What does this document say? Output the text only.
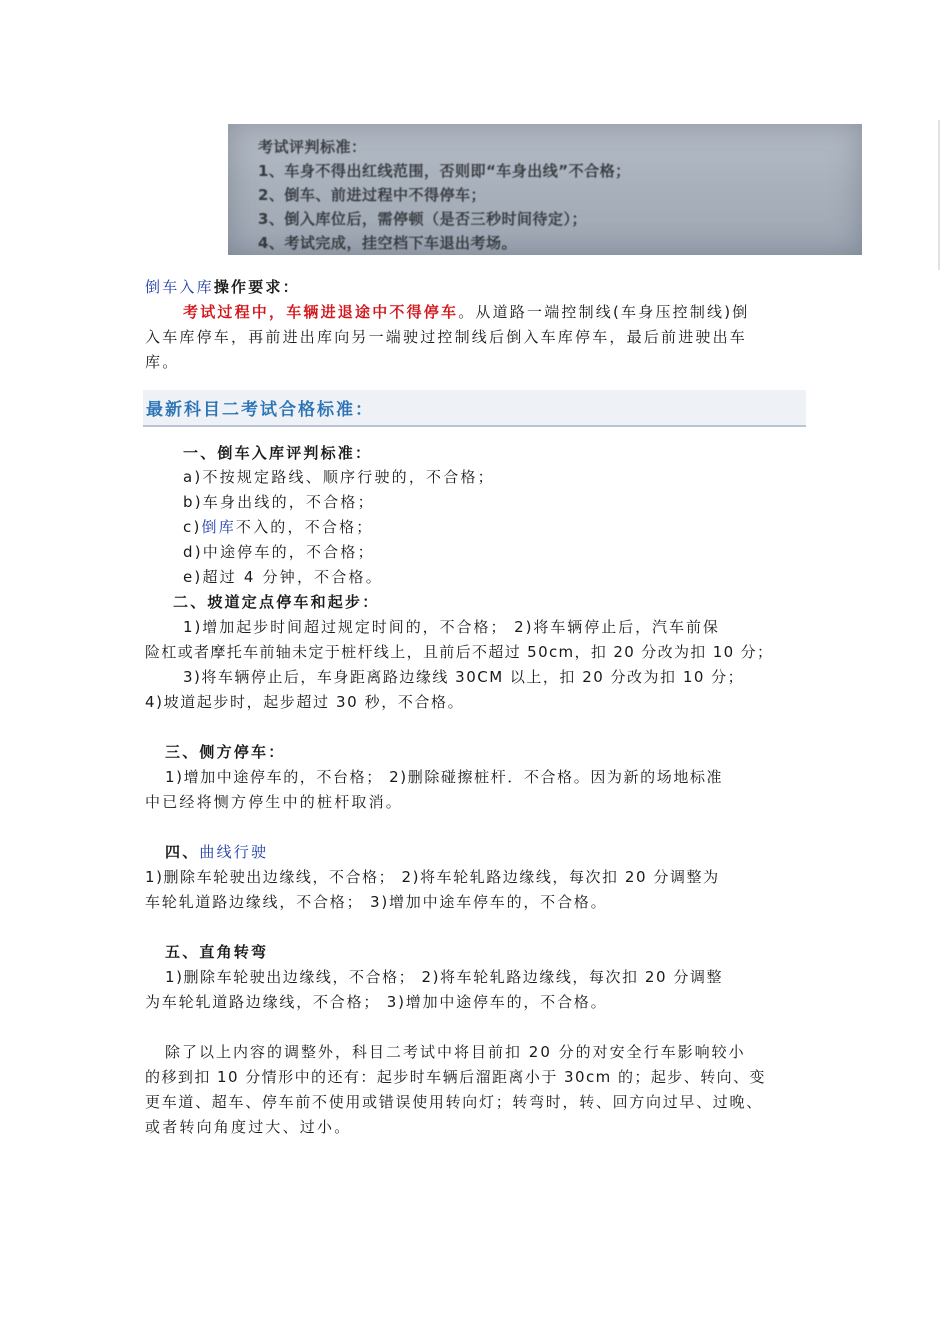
考试评判标准：
1、车身不得出红线范围，否则即“车身出线”不合格；
2、倒车、前进过程中不得停车；
3、倒入库位后，需停顿（是否三秒时间待定）；
4、考试完成，挂空档下车退出考场。
倒车入库操作要求：
考试过程中，车辆进退途中不得停车。从道路一端控制线(车身压控制线)倒
入车库停车，再前进出库向另一端驶过控制线后倒入车库停车，最后前进驶出车
库。
最新科目二考试合格标准：
一、倒车入库评判标准：
a)不按规定路线、顺序行驶的，不合格；
b)车身出线的，不合格；
c)倒库不入的，不合格；
d)中途停车的，不合格；
e)超过 4 分钟，不合格。
二、坡道定点停车和起步：
1)增加起步时间超过规定时间的，不合格； 2)将车辆停止后，汽车前保
险杠或者摩托车前轴未定于桩杆线上，且前后不超过 50cm，扣 20 分改为扣 10 分；
3)将车辆停止后，车身距离路边缘线 30CM 以上，扣 20 分改为扣 10 分；
4)坡道起步时，起步超过 30 秒，不合格。
三、侧方停车：
1)增加中途停车的，不台格； 2)删除碰擦桩杆．不合格。因为新的场地标准
中已经将恻方停生中的桩杆取消。
四、曲线行驶
1)删除车轮驶出边缘线，不合格； 2)将车轮轧路边缘线，每次扣 20 分调整为
车轮轧道路边缘线，不合格； 3)增加中途车停车的，不合格。
五、直角转弯
1)删除车轮驶出边缘线，不合格； 2)将车轮轧路边缘线，每次扣 20 分调整
为车轮轧道路边缘线，不合格； 3)增加中途停车的，不合格。
除了以上内容的调整外，科目二考试中将目前扣 20 分的对安全行车影响较小
的移到扣 10 分情形中的还有：起步时车辆后溜距离小于 30cm 的；起步、转向、变
更车道、超车、停车前不使用或错误使用转向灯；转弯时，转、回方向过早、过晚、
或者转向角度过大、过小。
